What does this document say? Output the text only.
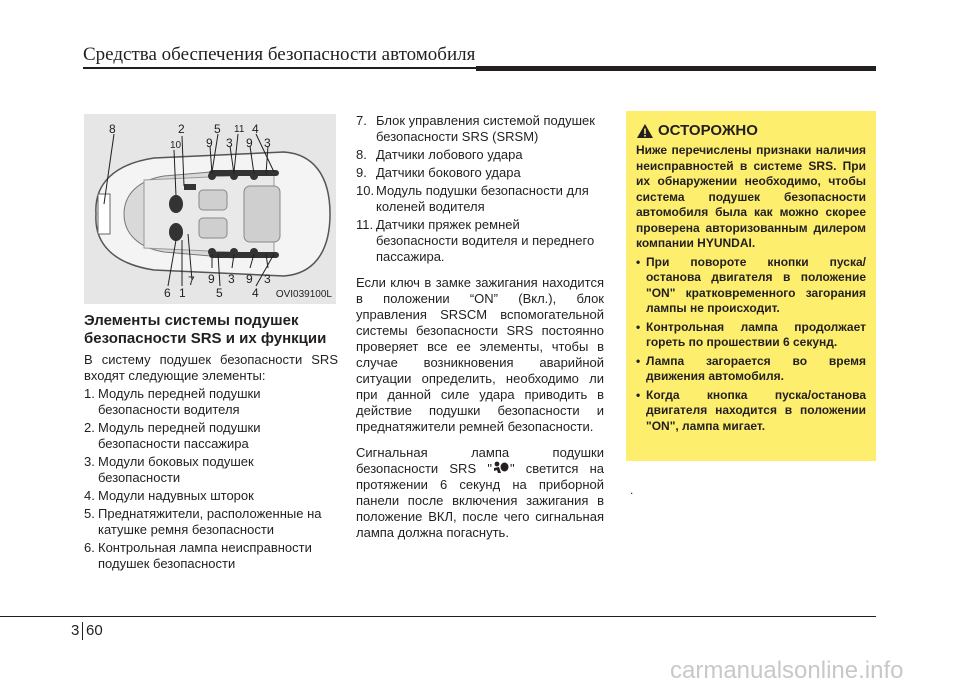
Средства обеспечения безопасности автомобиля
8	2 5 11 4
10 9 3 9 3
7 9 3 9 3
6 1	5 4 OVI039100L
Элементы системы подушек безопасности SRS и их функции

В систему подушек безопасности SRS входят следующие элементы:

1. Модуль передней подушки безопасности водителя
2. Модуль передней подушки безопасности пассажира
3. Модули боковых подушек безопасности
4. Модули надувных шторок
5. Преднатяжители, расположенные на катушке ремня безопасности
6. Контрольная лампа неисправности подушек безопасности
7. Блок управления системой подушек безопасности SRS (SRSM)
8. Датчики лобового удара
9. Датчики бокового удара
10. Модуль подушки безопасности для коленей водителя
11. Датчики пряжек ремней безопасности водителя и переднего пассажира.

Если ключ в замке зажигания находится в положении “ON” (Вкл.), блок управления SRSCM вспомогательной системы безопасности SRS постоянно проверяет все ее элементы, чтобы в случае возникновения аварийной ситуации определить, необходимо ли при данной силе удара приводить в действие подушки безопасности и преднатяжители ремней безопасности.

Сигнальная лампа подушки безопасности SRS " " светится на протяжении 6 секунд на приборной панели после включения зажигания в положение ВКЛ, после чего сигнальная лампа должна погаснуть.

ОСТОРОЖНО

Ниже перечислены признаки наличия неисправностей в системе SRS. При их обнаружении необходимо, чтобы система подушек безопасности автомобиля была как можно скорее проверена авторизованным дилером компании HYUNDAI.

• При повороте кнопки пуска/останова двигателя в положение "ON" кратковременного загорания лампы не происходит.
• Контрольная лампа продолжает гореть по прошествии 6 секунд.
• Лампа загорается во время движения автомобиля.
• Когда кнопка пуска/останова двигателя находится в положении "ON", лампа мигает.
.
3 60
carmanualsonline.info
